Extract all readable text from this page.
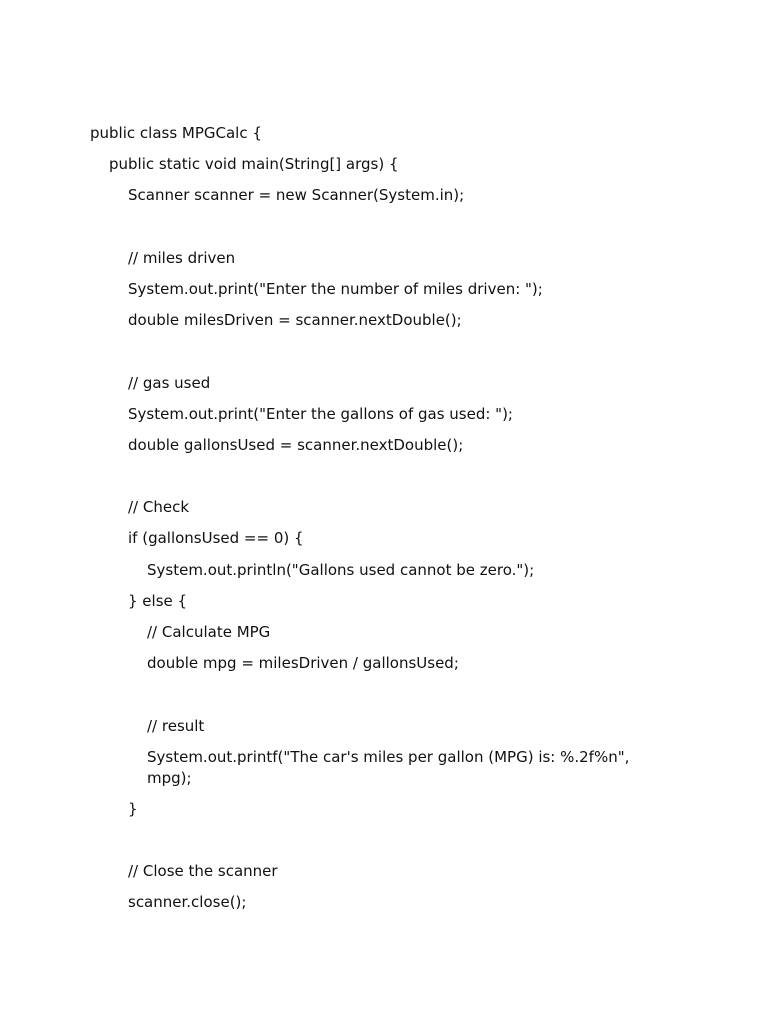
public class MPGCalc {

public static void main(String[] args) {

Scanner scanner = new Scanner(System.in);

// miles driven

System.out.print("Enter the number of miles driven: ");

double milesDriven = scanner.nextDouble();

// gas used

System.out.print("Enter the gallons of gas used: ");

double gallonsUsed = scanner.nextDouble();

// Check

if (gallonsUsed == 0) {

System.out.println("Gallons used cannot be zero.");

} else {

// Calculate MPG

double mpg = milesDriven / gallonsUsed;

// result

System.out.printf("The car's miles per gallon (MPG) is: %.2f%n", mpg);

}

// Close the scanner

scanner.close();
